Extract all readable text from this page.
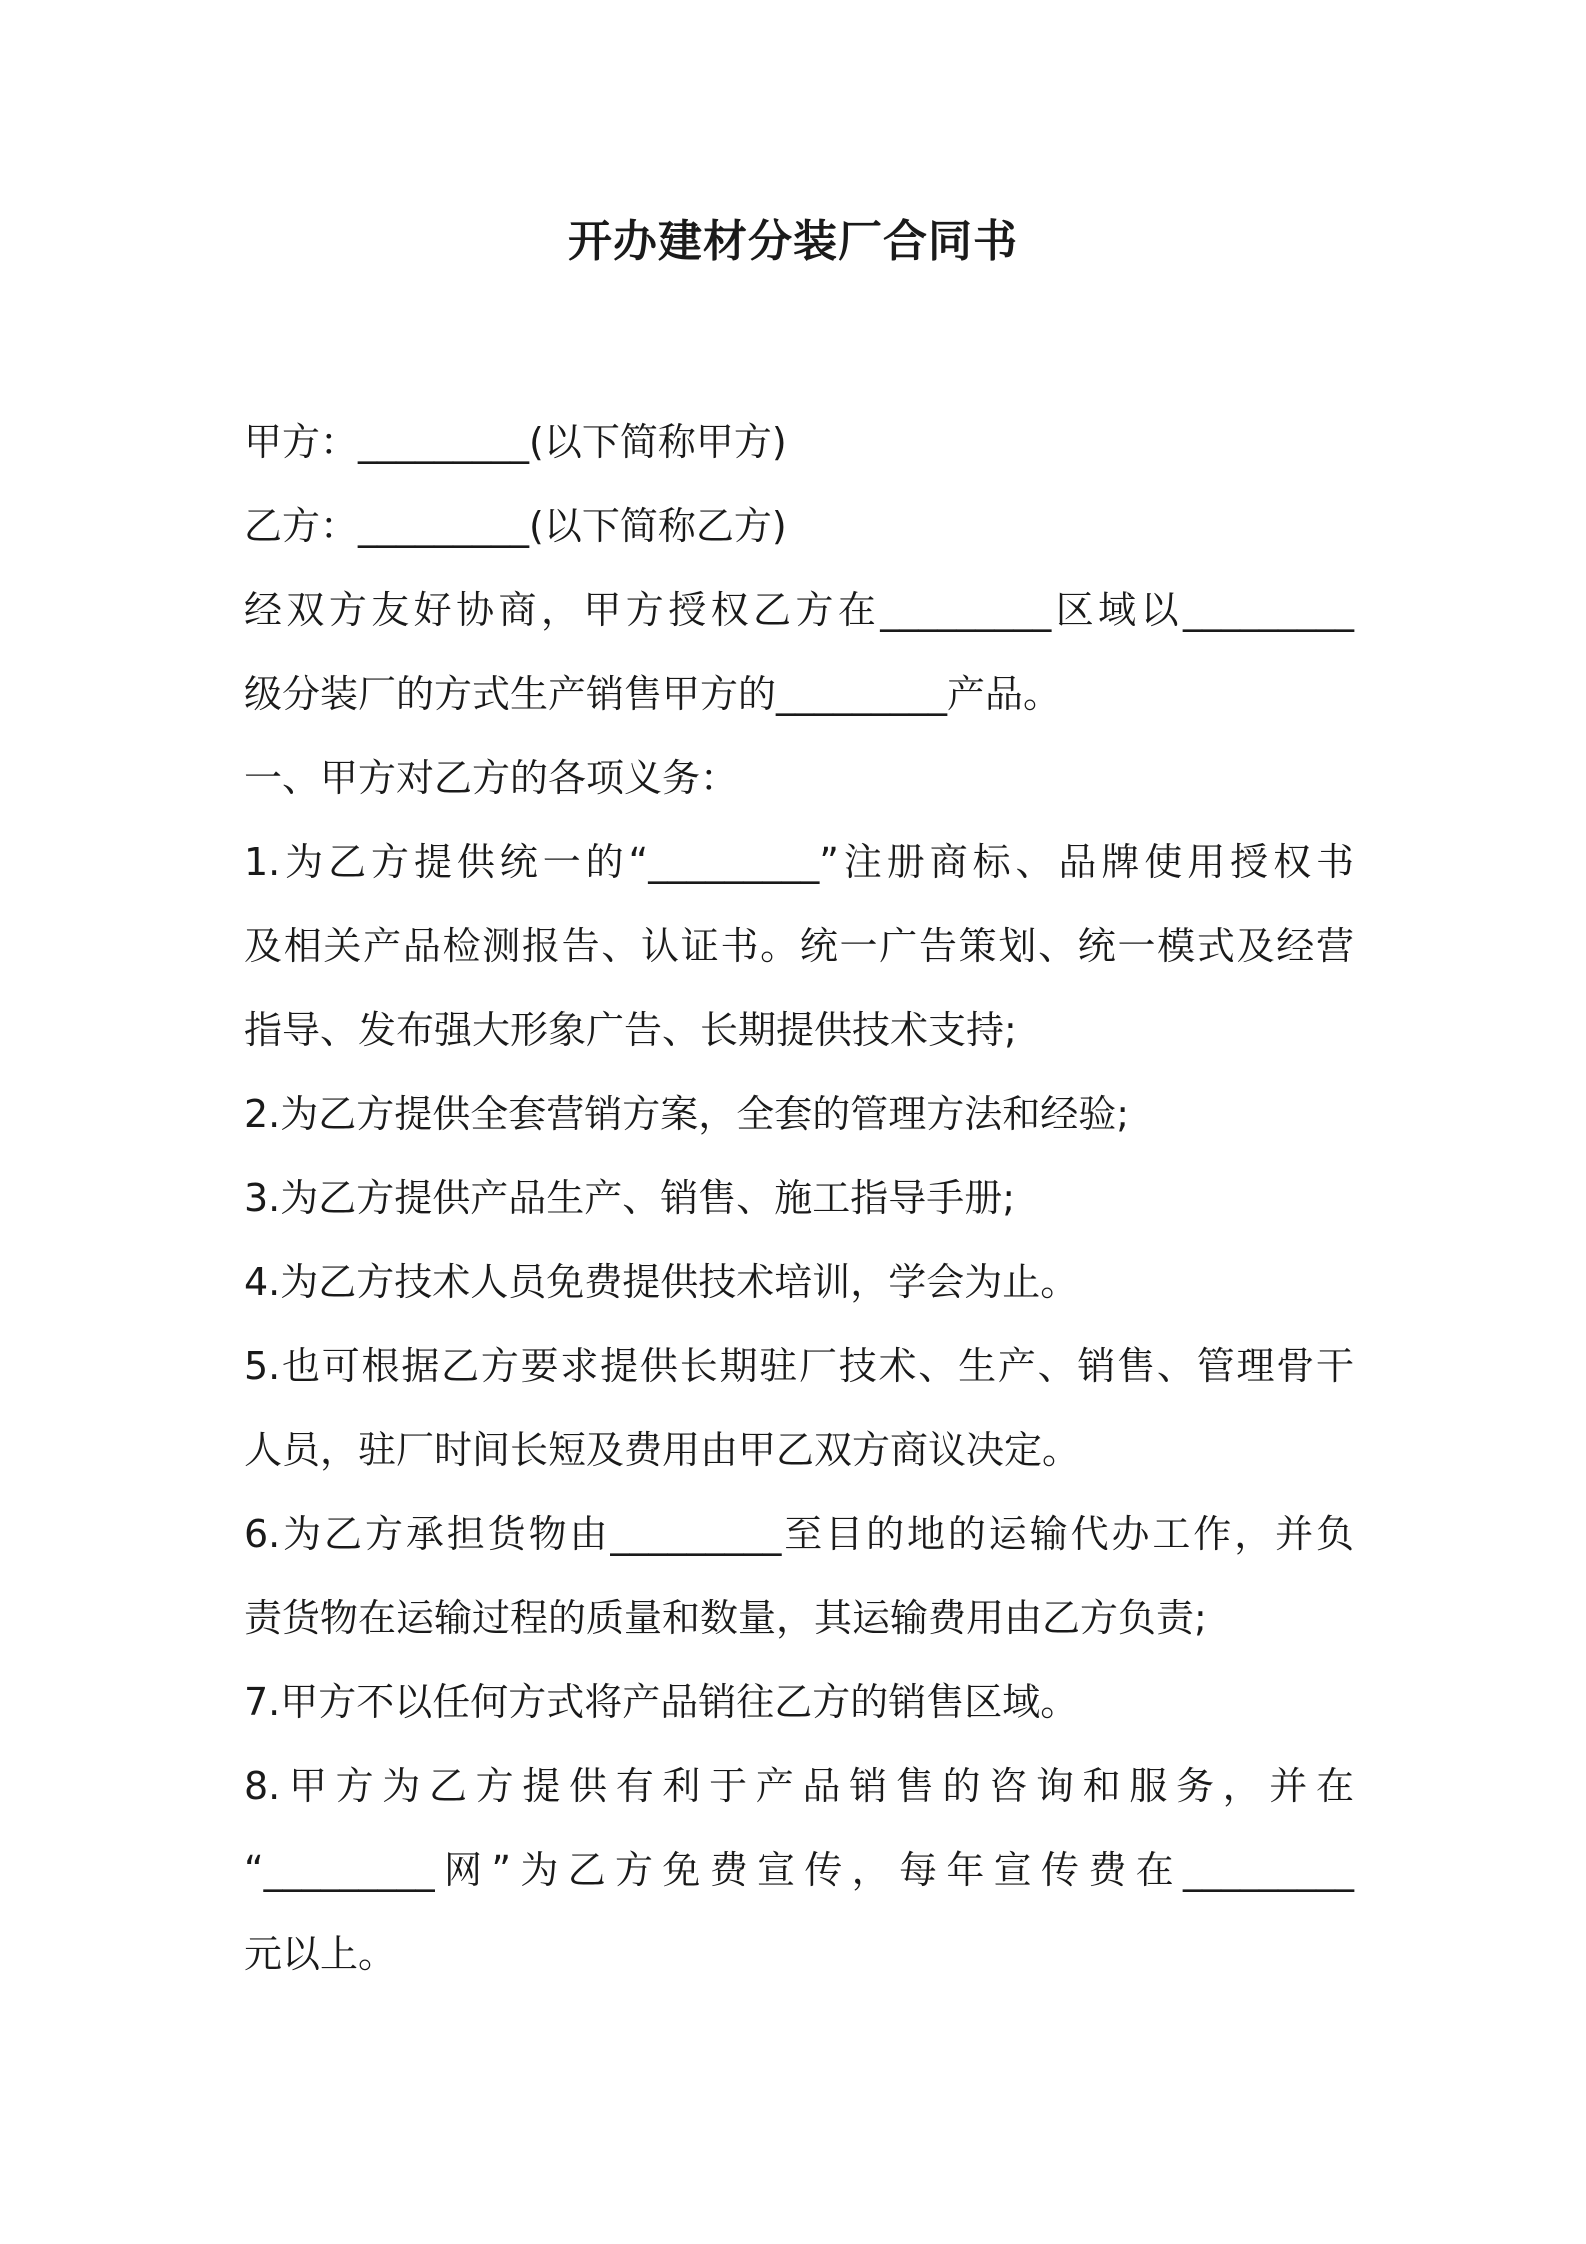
开办建材分装厂合同书
甲方：_________(以下简称甲方)
乙方：_________(以下简称乙方)
经双方友好协商，甲方授权乙方在_________区域以_________
级分装厂的方式生产销售甲方的_________产品。
一、甲方对乙方的各项义务：
1.为乙方提供统一的“_________”注册商标、品牌使用授权书
及相关产品检测报告、认证书。统一广告策划、统一模式及经营
指导、发布强大形象广告、长期提供技术支持;
2.为乙方提供全套营销方案，全套的管理方法和经验;
3.为乙方提供产品生产、销售、施工指导手册;
4.为乙方技术人员免费提供技术培训，学会为止。
5.也可根据乙方要求提供长期驻厂技术、生产、销售、管理骨干
人员，驻厂时间长短及费用由甲乙双方商议决定。
6.为乙方承担货物由_________至目的地的运输代办工作，并负
责货物在运输过程的质量和数量，其运输费用由乙方负责;
7.甲方不以任何方式将产品销往乙方的销售区域。
8.甲方为乙方提供有利于产品销售的咨询和服务，并在
“_________网”为乙方免费宣传，每年宣传费在_________
元以上。
